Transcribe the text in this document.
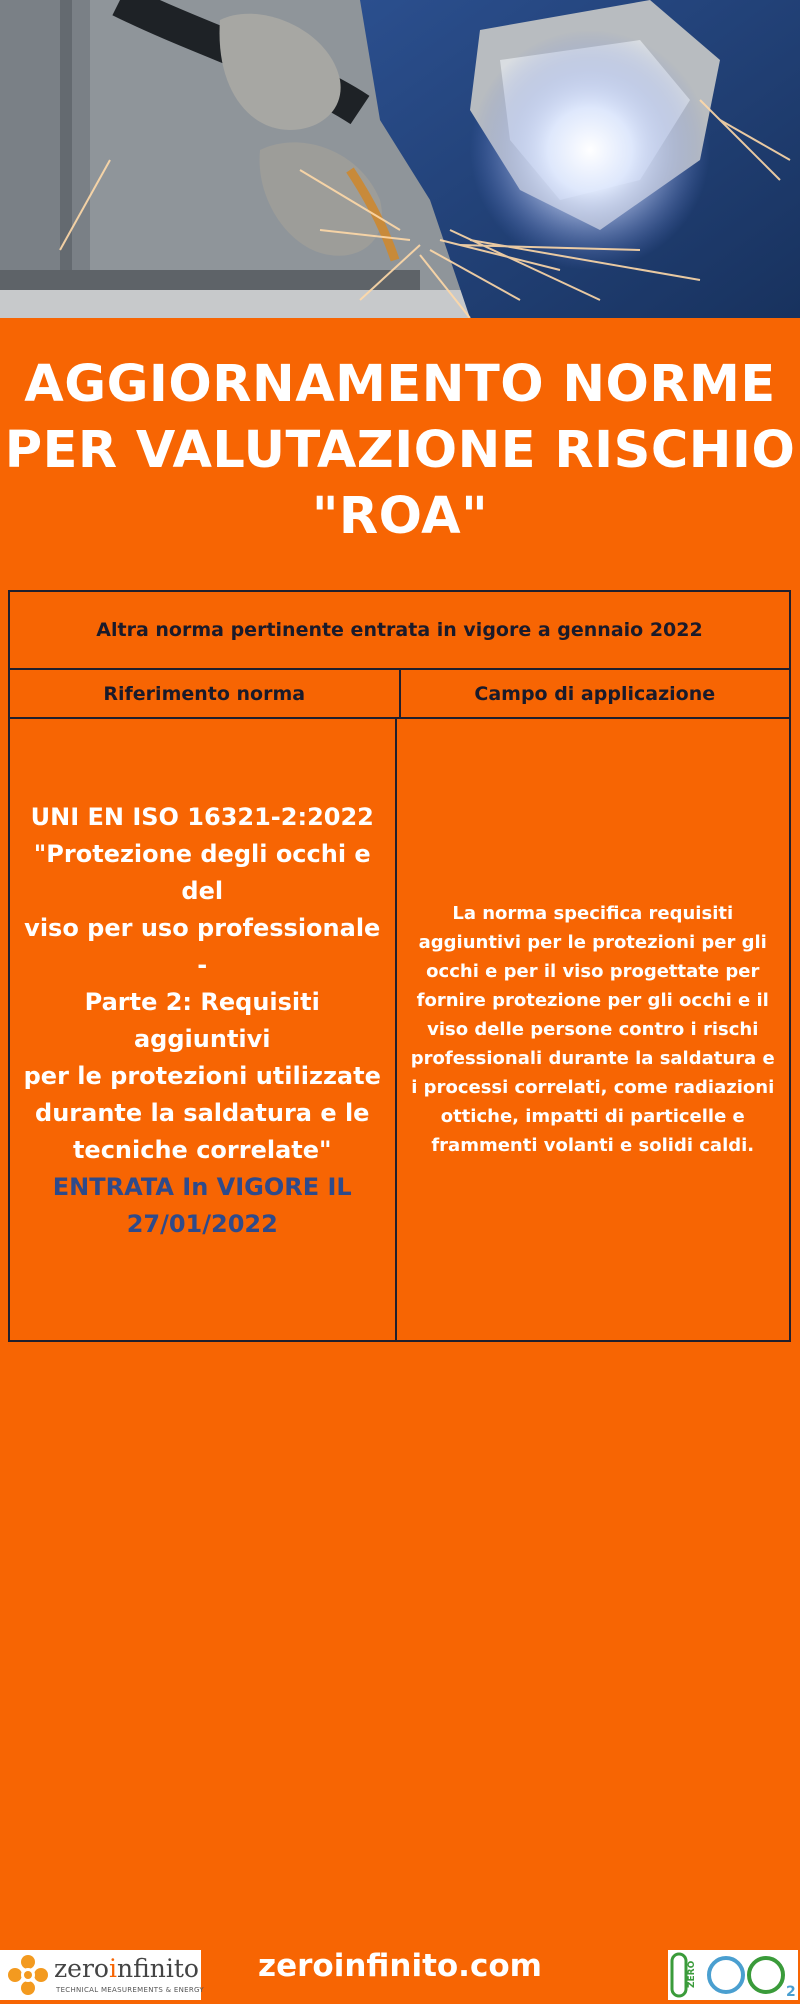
AGGIORNAMENTO NORME
PER VALUTAZIONE RISCHIO
"ROA"
Altra norma pertinente entrata in vigore a gennaio 2022
Riferimento norma	Campo di applicazione
UNI EN ISO 16321-2:2022
"Protezione degli occhi e del
viso per uso professionale -
Parte 2: Requisiti aggiuntivi
per le protezioni utilizzate
durante la saldatura e le
tecniche correlate"
ENTRATA In VIGORE IL
27/01/2022
La norma specifica requisiti
aggiuntivi per le protezioni per gli
occhi e per il viso progettate per
fornire protezione per gli occhi e il
viso delle persone contro i rischi
professionali durante la saldatura e
i processi correlati, come radiazioni
ottiche, impatti di particelle e
frammenti volanti e solidi caldi.
zeroinfinito
TECHNICAL MEASUREMENTS & ENERGY
zeroinfinito.com	ZERO
2
